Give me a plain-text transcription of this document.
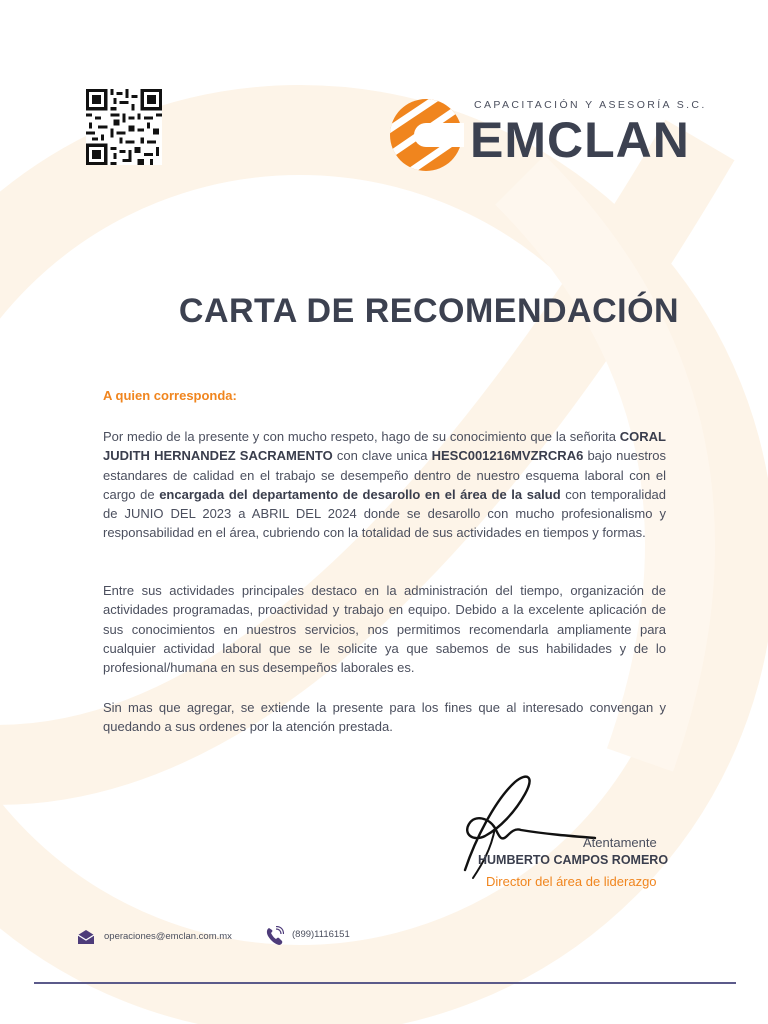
CAPACITACIÓN Y ASESORÍA S.C.
EMCLAN
CARTA DE RECOMENDACIÓN
A quien corresponda:
Por medio de la presente y con mucho respeto, hago de su conocimiento que la señorita CORAL JUDITH HERNANDEZ SACRAMENTO con clave unica HESC001216MVZRCRA6 bajo nuestros estandares de calidad en el trabajo se desempeño dentro de nuestro esquema laboral con el cargo de encargada del departamento de desarollo en el área de la salud con temporalidad de JUNIO DEL 2023 a ABRIL DEL 2024 donde se desarollo con mucho profesionalismo y responsabilidad en el área, cubriendo con la totalidad de sus actividades en tiempos y formas.
Entre sus actividades principales destaco en la administración del tiempo, organización de actividades programadas, proactividad y trabajo en equipo. Debido a la excelente aplicación de sus conocimientos en nuestros servicios, nos permitimos recomendarla ampliamente para cualquier actividad laboral que se le solicite ya que sabemos de sus habilidades y de lo profesional/humana en sus desempeños laborales es.
Sin mas que agregar, se extiende la presente para los fines que al interesado convengan y quedando a sus ordenes por la atención prestada.
Atentamente
HUMBERTO CAMPOS ROMERO
Director del área de liderazgo
operaciones@emclan.com.mx	(899)1116151
